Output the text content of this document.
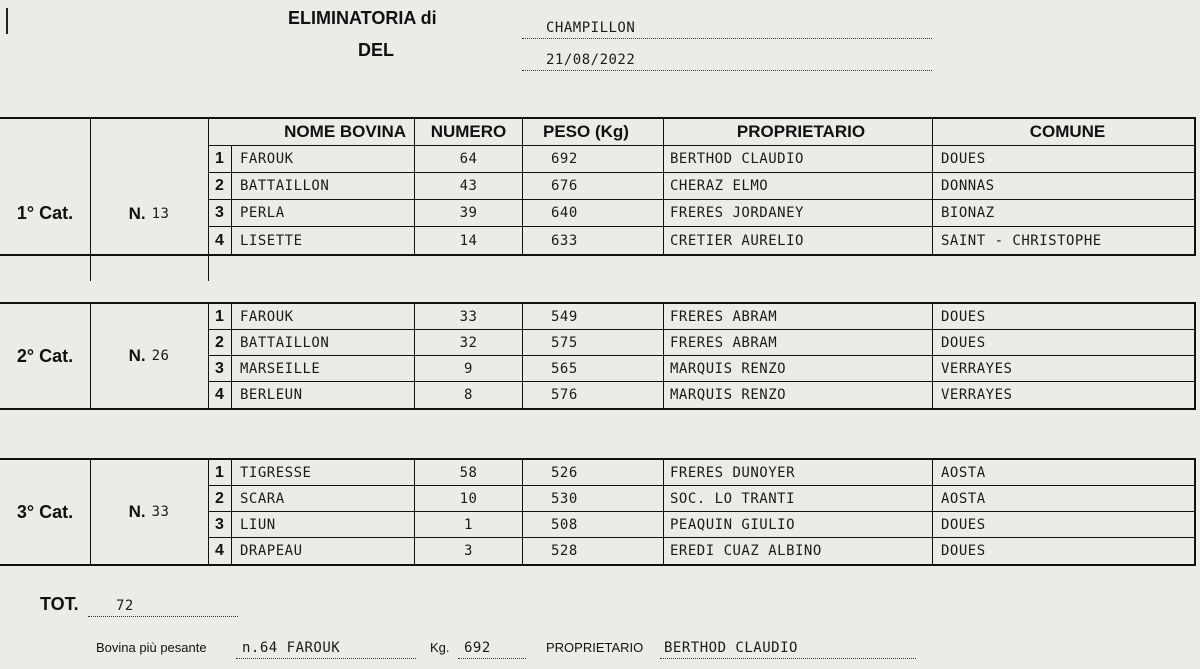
ELIMINATORIA di	CHAMPILLON
DEL	21/08/2022
1° Cat.	N. 13
NOME BOVINA	NUMERO	PESO (Kg)	PROPRIETARIO	COMUNE
1	FAROUK	64	692	BERTHOD CLAUDIO	DOUES
2	BATTAILLON	43	676	CHERAZ ELMO	DONNAS
3	PERLA	39	640	FRERES JORDANEY	BIONAZ
4	LISETTE	14	633	CRETIER AURELIO	SAINT - CHRISTOPHE
2° Cat.	N. 26
1	FAROUK	33	549	FRERES ABRAM	DOUES
2	BATTAILLON	32	575	FRERES ABRAM	DOUES
3	MARSEILLE	9	565	MARQUIS RENZO	VERRAYES
4	BERLEUN	8	576	MARQUIS RENZO	VERRAYES
3° Cat.	N. 33
1	TIGRESSE	58	526	FRERES DUNOYER	AOSTA
2	SCARA	10	530	SOC. LO TRANTI	AOSTA
3	LIUN	1	508	PEAQUIN GIULIO	DOUES
4	DRAPEAU	3	528	EREDI CUAZ ALBINO	DOUES
TOT.	72
Bovina più pesante	n.64 FAROUK	Kg. 692	PROPRIETARIO BERTHOD CLAUDIO
